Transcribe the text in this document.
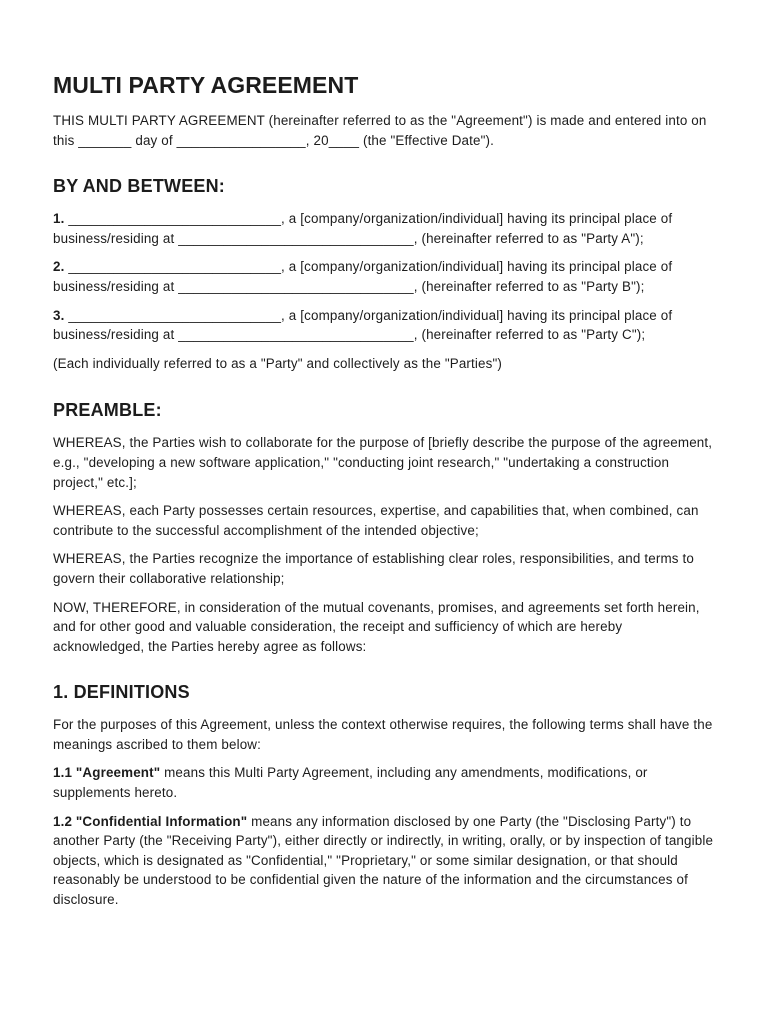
MULTI PARTY AGREEMENT

THIS MULTI PARTY AGREEMENT (hereinafter referred to as the "Agreement") is made and entered into on this _______ day of _________________, 20____ (the "Effective Date").

BY AND BETWEEN:

1. ____________________________, a [company/organization/individual] having its principal place of business/residing at _______________________________, (hereinafter referred to as "Party A");

2. ____________________________, a [company/organization/individual] having its principal place of business/residing at _______________________________, (hereinafter referred to as "Party B");

3. ____________________________, a [company/organization/individual] having its principal place of business/residing at _______________________________, (hereinafter referred to as "Party C");

(Each individually referred to as a "Party" and collectively as the "Parties")

PREAMBLE:

WHEREAS, the Parties wish to collaborate for the purpose of [briefly describe the purpose of the agreement, e.g., "developing a new software application," "conducting joint research," "undertaking a construction project," etc.];

WHEREAS, each Party possesses certain resources, expertise, and capabilities that, when combined, can contribute to the successful accomplishment of the intended objective;

WHEREAS, the Parties recognize the importance of establishing clear roles, responsibilities, and terms to govern their collaborative relationship;

NOW, THEREFORE, in consideration of the mutual covenants, promises, and agreements set forth herein, and for other good and valuable consideration, the receipt and sufficiency of which are hereby acknowledged, the Parties hereby agree as follows:

1. DEFINITIONS

For the purposes of this Agreement, unless the context otherwise requires, the following terms shall have the meanings ascribed to them below:

1.1 "Agreement" means this Multi Party Agreement, including any amendments, modifications, or supplements hereto.

1.2 "Confidential Information" means any information disclosed by one Party (the "Disclosing Party") to another Party (the "Receiving Party"), either directly or indirectly, in writing, orally, or by inspection of tangible objects, which is designated as "Confidential," "Proprietary," or some similar designation, or that should reasonably be understood to be confidential given the nature of the information and the circumstances of disclosure.
